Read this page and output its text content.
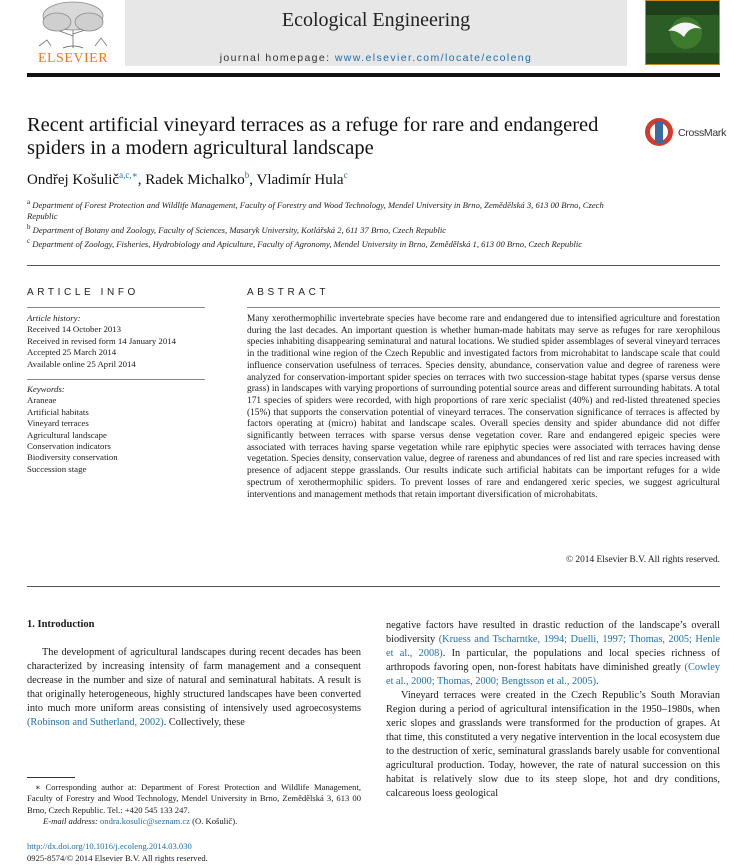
ELSEVIER
Ecological Engineering
journal homepage: www.elsevier.com/locate/ecoleng
Recent artificial vineyard terraces as a refuge for rare and endangered spiders in a modern agricultural landscape
CrossMark
Ondřej Košulič$^{a,c,∗}$, Radek Michalko$^b$, Vladimír Hula$^c$
$^a$ Department of Forest Protection and Wildlife Management, Faculty of Forestry and Wood Technology, Mendel University in Brno, Zemědělská 3, 613 00 Brno, Czech Republic
$^b$ Department of Botany and Zoology, Faculty of Sciences, Masaryk University, Kotlářská 2, 611 37 Brno, Czech Republic
$^c$ Department of Zoology, Fisheries, Hydrobiology and Apiculture, Faculty of Agronomy, Mendel University in Brno, Zemědělská 1, 613 00 Brno, Czech Republic
ARTICLE INFO
Article history:
Received 14 October 2013
Received in revised form 14 January 2014
Accepted 25 March 2014
Available online 25 April 2014
Keywords:
Araneae
Artificial habitats
Vineyard terraces
Agricultural landscape
Conservation indicators
Biodiversity conservation
Succession stage
ABSTRACT
Many xerothermophilic invertebrate species have become rare and endangered due to intensified agriculture and forestation during the last decades. An important question is whether human-made habitats may serve as refuges for rare xerophilous species inhabiting disappearing seminatural and natural locations. We studied spider assemblages of several vineyard terraces in the traditional wine region of the Czech Republic and investigated factors from microhabitat to landscape scale that could influence conservation usefulness of terraces. Species density, abundance, conservation value and degree of rareness were analyzed for conservation-important spider species on terraces with two succession-stage habitat types (sparse versus dense grass) in landscapes with varying proportions of surrounding potential source areas and different surrounding habitats. A total 171 species of spiders were recorded, with high proportions of rare xeric specialist (40%) and red-listed threatened species (15%) that supports the conservation potential of vineyard terraces. The conservation significance of terraces is affected by factors operating at (micro) habitat and landscape scales. Overall species density and spider abundance did not differ significantly between terraces with sparse versus dense vegetation cover. Rare and endangered epigeic species were associated with terraces having sparse vegetation while rare epiphytic species were associated with terraces having dense vegetation. Species density, conservation value, degree of rareness and abundances of red list and rare species increased with presence of adjacent steppe grasslands. Our results indicate such artificial habitats can be important refuges for a wide spectrum of xerothermophilic spiders. To prevent losses of rare and endangered xeric species, we suggest agricultural interventions and management methods that retain important diversification of microhabitats.
© 2014 Elsevier B.V. All rights reserved.
1. Introduction

The development of agricultural landscapes during recent decades has been characterized by increasing intensity of farm management and a consequent decrease in the number and size of natural and seminatural habitats. A result is that originally heterogeneous, highly structured landscapes have been converted into much more uniform areas consisting of intensively used agroecosystems (Robinson and Sutherland, 2002). Collectively, these

negative factors have resulted in drastic reduction of the landscape’s overall biodiversity (Kruess and Tscharntke, 1994; Duelli, 1997; Thomas, 2005; Henle et al., 2008). In particular, the populations and local species richness of arthropods favoring open, non-forest habitats have diminished greatly (Cowley et al., 2000; Thomas, 2000; Bengtsson et al., 2005).

Vineyard terraces were created in the Czech Republic’s South Moravian Region during a period of agricultural intensification in the 1950–1980s, when xeric slopes and grasslands were transformed for the production of grapes. At that time, this constituted a very negative intervention in the local ecosystem due to the destruction of xeric, seminatural grasslands barely usable for conventional agricultural production. Today, however, the rate of natural succession on this habitat is relatively slow due to its steep slope, hot and dry conditions, calcareous loess geological

∗ Corresponding author at: Department of Forest Protection and Wildlife Management, Faculty of Forestry and Wood Technology, Mendel University in Brno, Zemědělská 3, 613 00 Brno, Czech Republic. Tel.: +420 545 133 247.
E-mail address: ondra.kosulic@seznam.cz (O. Košulič).
http://dx.doi.org/10.1016/j.ecoleng.2014.03.030
0925-8574/© 2014 Elsevier B.V. All rights reserved.
